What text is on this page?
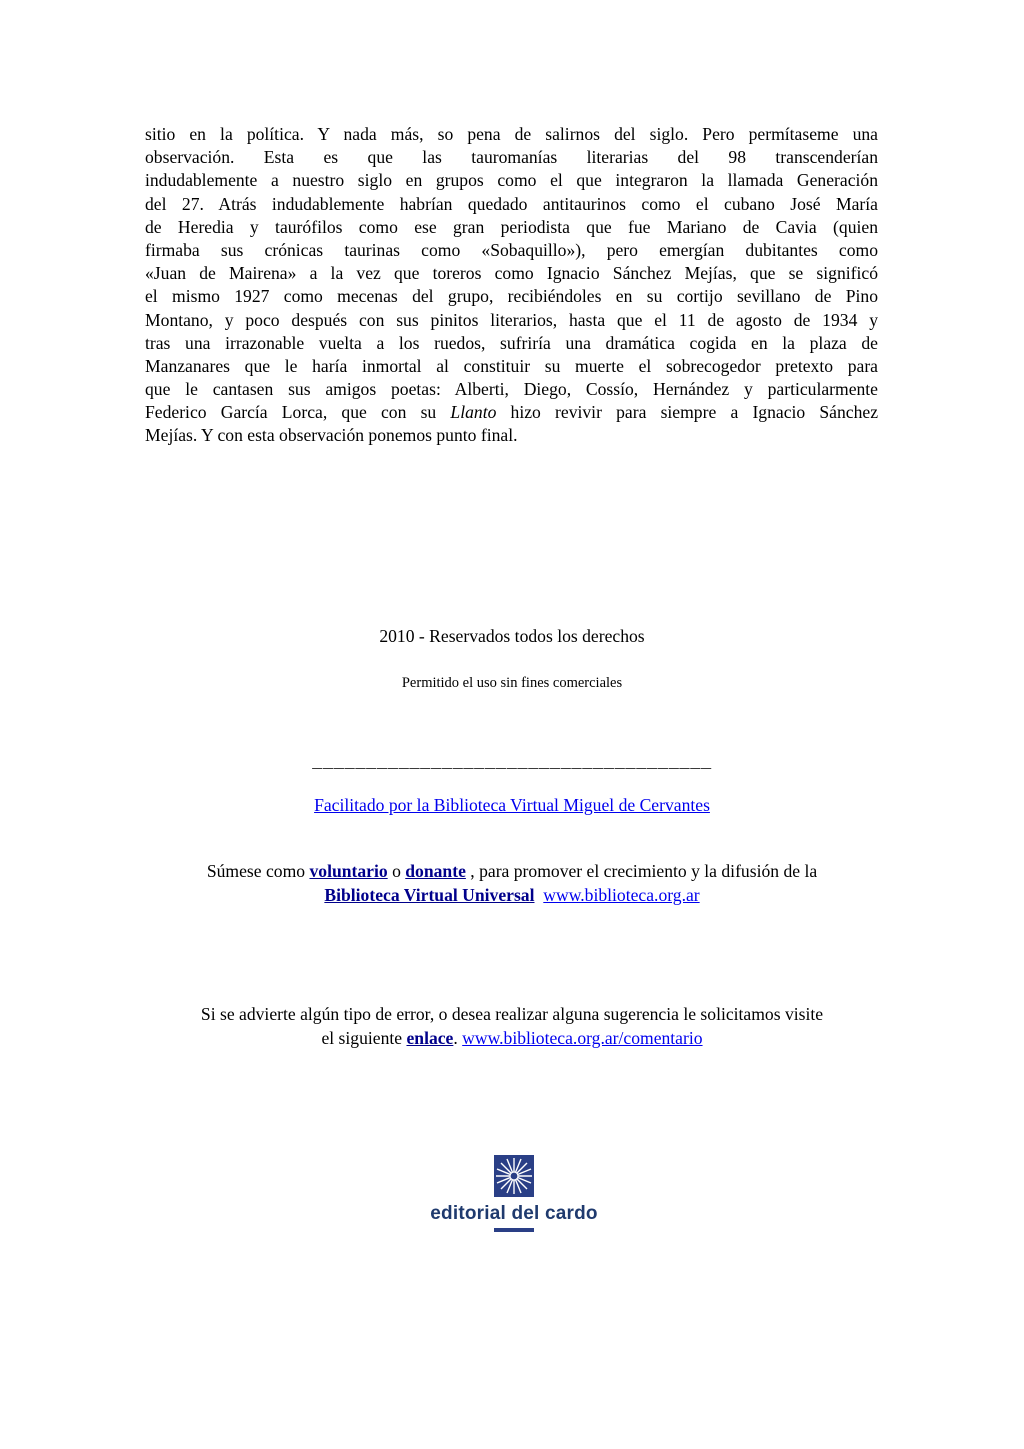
sitio en la política. Y nada más, so pena de salirnos del siglo. Pero permítaseme una
observación. Esta es que las tauromanías literarias del 98 transcenderían
indudablemente a nuestro siglo en grupos como el que integraron la llamada Generación
del 27. Atrás indudablemente habrían quedado antitaurinos como el cubano José María
de Heredia y taurófilos como ese gran periodista que fue Mariano de Cavia (quien
firmaba sus crónicas taurinas como «Sobaquillo»), pero emergían dubitantes como
«Juan de Mairena» a la vez que toreros como Ignacio Sánchez Mejías, que se significó
el mismo 1927 como mecenas del grupo, recibiéndoles en su cortijo sevillano de Pino
Montano, y poco después con sus pinitos literarios, hasta que el 11 de agosto de 1934 y
tras una irrazonable vuelta a los ruedos, sufriría una dramática cogida en la plaza de
Manzanares que le haría inmortal al constituir su muerte el sobrecogedor pretexto para
que le cantasen sus amigos poetas: Alberti, Diego, Cossío, Hernández y particularmente
Federico García Lorca, que con su Llanto hizo revivir para siempre a Ignacio Sánchez
Mejías. Y con esta observación ponemos punto final.
2010 - Reservados todos los derechos
Permitido el uso sin fines comerciales
_____________________________________
Facilitado por la Biblioteca Virtual Miguel de Cervantes
Súmese como voluntario o donante , para promover el crecimiento y la difusión de la
Biblioteca Virtual Universal www.biblioteca.org.ar
Si se advierte algún tipo de error, o desea realizar alguna sugerencia le solicitamos visite
el siguiente enlace. www.biblioteca.org.ar/comentario
editorial del cardo
